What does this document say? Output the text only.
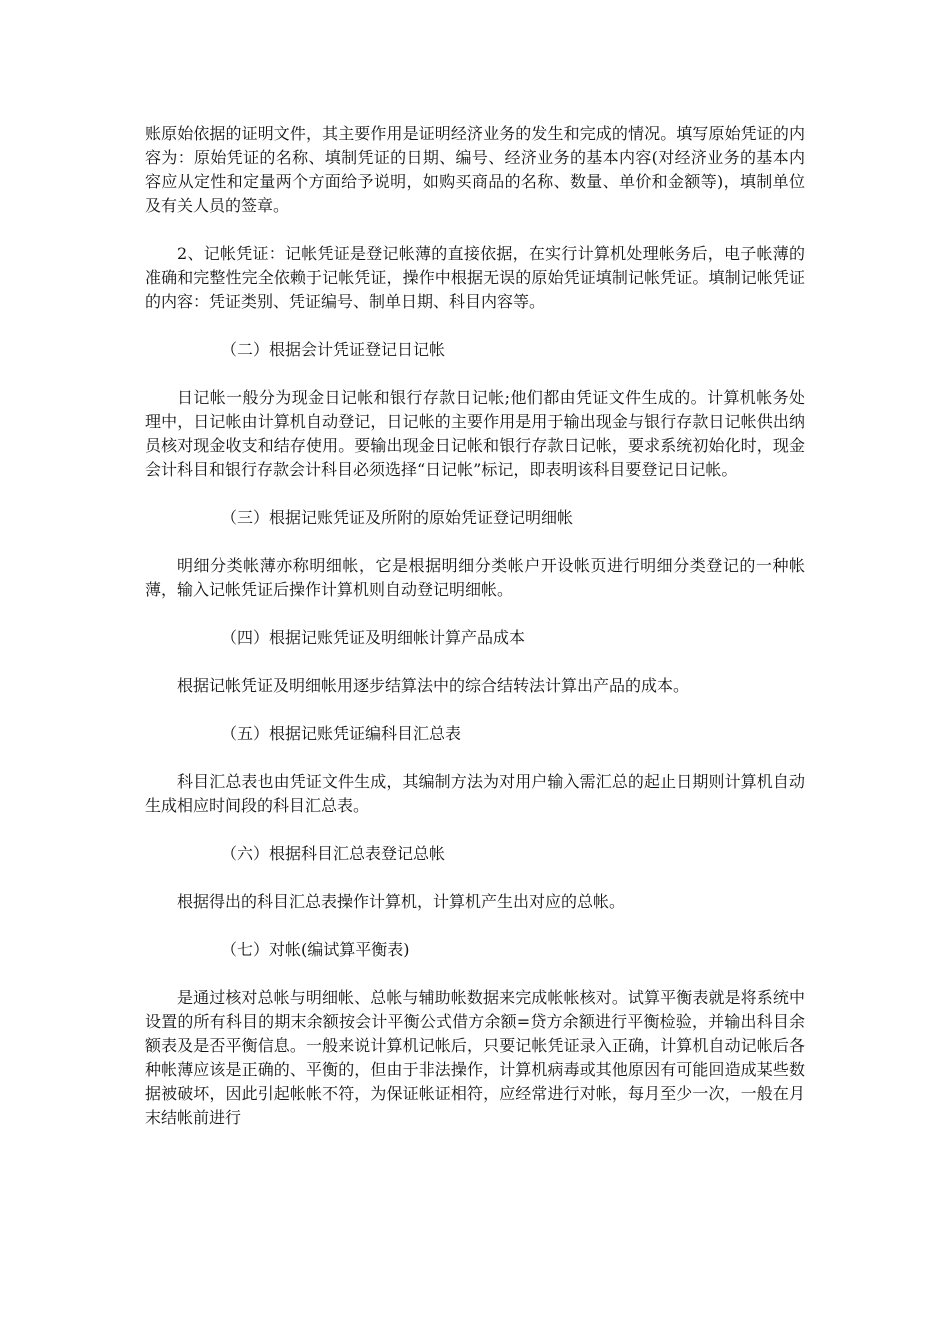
账原始依据的证明文件，其主要作用是证明经济业务的发生和完成的情况。填写原始凭证的内容为：原始凭证的名称、填制凭证的日期、编号、经济业务的基本内容(对经济业务的基本内容应从定性和定量两个方面给予说明，如购买商品的名称、数量、单价和金额等)，填制单位及有关人员的签章。

2、记帐凭证：记帐凭证是登记帐薄的直接依据，在实行计算机处理帐务后，电子帐薄的准确和完整性完全依赖于记帐凭证，操作中根据无误的原始凭证填制记帐凭证。填制记帐凭证的内容：凭证类别、凭证编号、制单日期、科目内容等。

（二）根据会计凭证登记日记帐

日记帐一般分为现金日记帐和银行存款日记帐;他们都由凭证文件生成的。计算机帐务处理中，日记帐由计算机自动登记，日记帐的主要作用是用于输出现金与银行存款日记帐供出纳员核对现金收支和结存使用。要输出现金日记帐和银行存款日记帐，要求系统初始化时，现金会计科目和银行存款会计科目必须选择“日记帐”标记，即表明该科目要登记日记帐。

（三）根据记账凭证及所附的原始凭证登记明细帐

明细分类帐薄亦称明细帐，它是根据明细分类帐户开设帐页进行明细分类登记的一种帐薄，输入记帐凭证后操作计算机则自动登记明细帐。

（四）根据记账凭证及明细帐计算产品成本

根据记帐凭证及明细帐用逐步结算法中的综合结转法计算出产品的成本。

（五）根据记账凭证编科目汇总表

科目汇总表也由凭证文件生成，其编制方法为对用户输入需汇总的起止日期则计算机自动生成相应时间段的科目汇总表。

（六）根据科目汇总表登记总帐

根据得出的科目汇总表操作计算机，计算机产生出对应的总帐。

（七）对帐(编试算平衡表)

是通过核对总帐与明细帐、总帐与辅助帐数据来完成帐帐核对。试算平衡表就是将系统中设置的所有科目的期末余额按会计平衡公式借方余额=贷方余额进行平衡检验，并输出科目余额表及是否平衡信息。一般来说计算机记帐后，只要记帐凭证录入正确，计算机自动记帐后各种帐薄应该是正确的、平衡的，但由于非法操作，计算机病毒或其他原因有可能回造成某些数据被破坏，因此引起帐帐不符，为保证帐证相符，应经常进行对帐，每月至少一次，一般在月末结帐前进行
